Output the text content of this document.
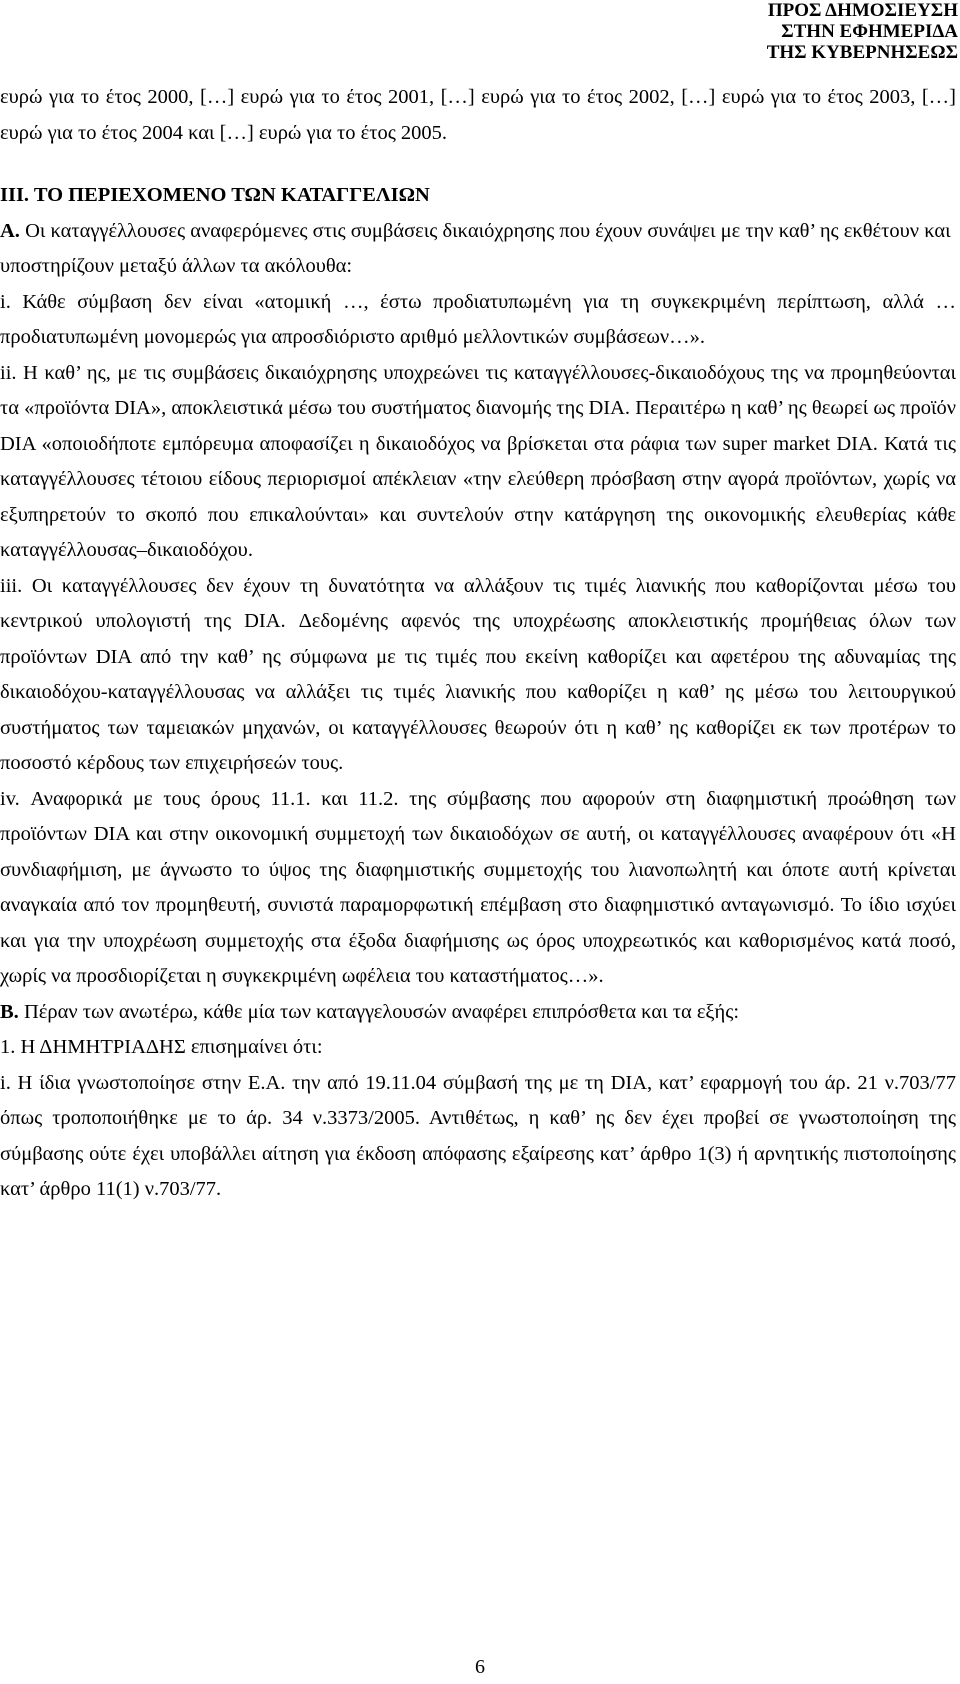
ΠΡΟΣ ΔΗΜΟΣΙΕΥΣΗ
ΣΤΗΝ ΕΦΗΜΕΡΙΔΑ
ΤΗΣ ΚΥΒΕΡΝΗΣΕΩΣ

ευρώ για το έτος 2000, […] ευρώ για το έτος 2001, […] ευρώ για το έτος 2002, […] ευρώ για το έτος 2003, […] ευρώ για το έτος 2004 και […] ευρώ για το έτος 2005.

ΙΙΙ. ΤΟ ΠΕΡΙΕΧΟΜΕΝΟ ΤΩΝ ΚΑΤΑΓΓΕΛΙΩΝ

Α. Οι καταγγέλλουσες αναφερόμενες στις συμβάσεις δικαιόχρησης που έχουν συνάψει με την καθ’ ης εκθέτουν και υποστηρίζουν μεταξύ άλλων τα ακόλουθα:

i. Κάθε σύμβαση δεν είναι «ατομική …, έστω προδιατυπωμένη για τη συγκεκριμένη περίπτωση, αλλά …προδιατυπωμένη μονομερώς για απροσδιόριστο αριθμό μελλοντικών συμβάσεων…».

ii. Η καθ’ ης, με τις συμβάσεις δικαιόχρησης υποχρεώνει τις καταγγέλλουσες-δικαιοδόχους της να προμηθεύονται τα «προϊόντα DIA», αποκλειστικά μέσω του συστήματος διανομής της DIA. Περαιτέρω η καθ’ ης θεωρεί ως προϊόν DIA «οποιοδήποτε εμπόρευμα αποφασίζει η δικαιοδόχος να βρίσκεται στα ράφια των super market DIA. Κατά τις καταγγέλλουσες τέτοιου είδους περιορισμοί απέκλειαν «την ελεύθερη πρόσβαση στην αγορά προϊόντων, χωρίς να εξυπηρετούν το σκοπό που επικαλούνται» και συντελούν στην κατάργηση της οικονομικής ελευθερίας κάθε καταγγέλλουσας–δικαιοδόχου.

iii. Οι καταγγέλλουσες δεν έχουν τη δυνατότητα να αλλάξουν τις τιμές λιανικής που καθορίζονται μέσω του κεντρικού υπολογιστή της DIA. Δεδομένης αφενός της υποχρέωσης αποκλειστικής προμήθειας όλων των προϊόντων DIA από την καθ’ ης σύμφωνα με τις τιμές που εκείνη καθορίζει και αφετέρου της αδυναμίας της δικαιοδόχου-καταγγέλλουσας να αλλάξει τις τιμές λιανικής που καθορίζει η καθ’ ης μέσω του λειτουργικού συστήματος των ταμειακών μηχανών, οι καταγγέλλουσες θεωρούν ότι η καθ’ ης καθορίζει εκ των προτέρων το ποσοστό κέρδους των επιχειρήσεών τους.

iv. Αναφορικά με τους όρους 11.1. και 11.2. της σύμβασης που αφορούν στη διαφημιστική προώθηση των προϊόντων DIA και στην οικονομική συμμετοχή των δικαιοδόχων σε αυτή, οι καταγγέλλουσες αναφέρουν ότι «Η συνδιαφήμιση, με άγνωστο το ύψος της διαφημιστικής συμμετοχής του λιανοπωλητή και όποτε αυτή κρίνεται αναγκαία από τον προμηθευτή, συνιστά παραμορφωτική επέμβαση στο διαφημιστικό ανταγωνισμό. Το ίδιο ισχύει και για την υποχρέωση συμμετοχής στα έξοδα διαφήμισης ως όρος υποχρεωτικός και καθορισμένος κατά ποσό, χωρίς να προσδιορίζεται η συγκεκριμένη ωφέλεια του καταστήματος…».

Β. Πέραν των ανωτέρω, κάθε μία των καταγγελουσών αναφέρει επιπρόσθετα και τα εξής:

1. Η ΔΗΜΗΤΡΙΑΔΗΣ επισημαίνει ότι:

i. Η ίδια γνωστοποίησε στην Ε.Α. την από 19.11.04 σύμβασή της με τη DIA, κατ’ εφαρμογή του άρ. 21 ν.703/77 όπως τροποποιήθηκε με το άρ. 34 ν.3373/2005. Αντιθέτως, η καθ’ ης δεν έχει προβεί σε γνωστοποίηση της σύμβασης ούτε έχει υποβάλλει αίτηση για έκδοση απόφασης εξαίρεσης κατ’ άρθρο 1(3) ή αρνητικής πιστοποίησης κατ’ άρθρο 11(1) ν.703/77.

6
